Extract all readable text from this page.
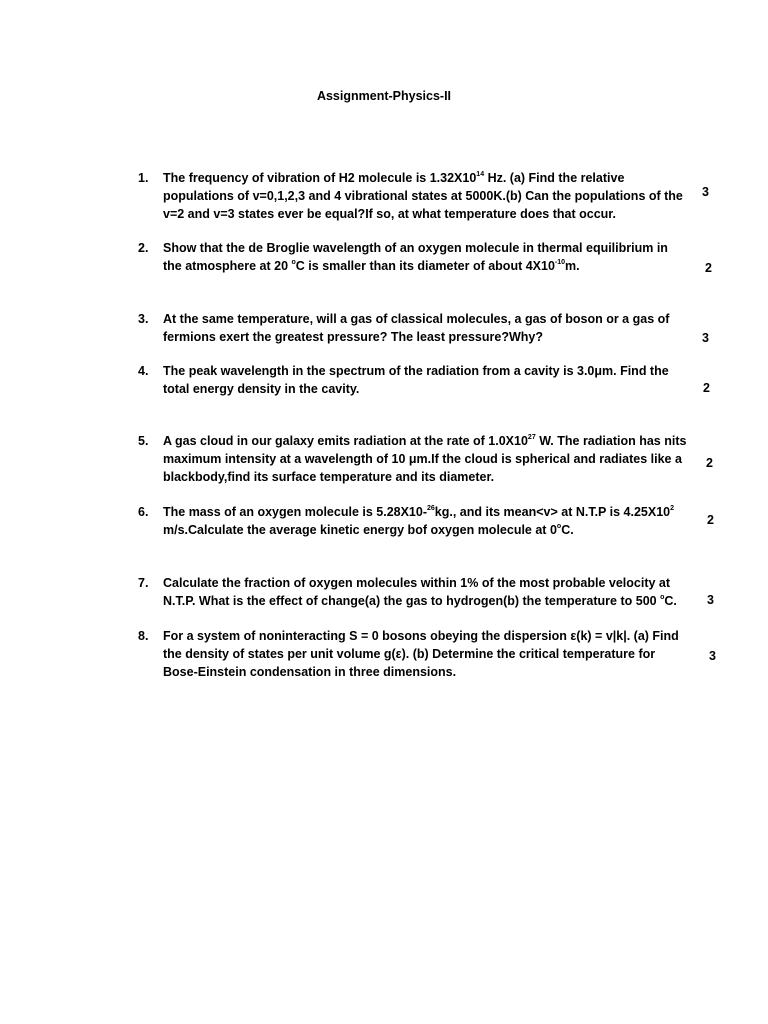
Assignment-Physics-II
1. The frequency of vibration of H2 molecule is $1.32X10^{14}$ Hz. (a) Find the relative
populations of v=0,1,2,3 and 4 vibrational states at 5000K.(b) Can the populations of the
v=2 and v=3 states ever be equal?If so, at what temperature does that occur.
3
2. Show that the de Broglie wavelength of an oxygen molecule in thermal equilibrium in
the atmosphere at 20 $^o$C is smaller than its diameter of about $4X10^{-10}m$.	2
3. At the same temperature, will a gas of classical molecules, a gas of boson or a gas of
fermions exert the greatest pressure? The least pressure?Why?	3
4. The peak wavelength in the spectrum of the radiation from a cavity is 3.0μm. Find the
total energy density in the cavity.	2
5. A gas cloud in our galaxy emits radiation at the rate of $1.0X10^{27}$ W. The radiation has nits
maximum intensity at a wavelength of 10 μm.If the cloud is spherical and radiates like a
blackbody,find its surface temperature and its diameter.
2
6. The mass of an oxygen molecule is 5.28X10-$^{26}$kg., and its mean<v> at N.T.P is $4.25X10^2$
m/s.Calculate the average kinetic energy bof oxygen molecule at 0$^o$C.
2
7. Calculate the fraction of oxygen molecules within 1% of the most probable velocity at
N.T.P. What is the effect of change(a) the gas to hydrogen(b) the temperature to 500 $^o$C.	3
8. For a system of noninteracting S = 0 bosons obeying the dispersion ε(k) = v|k|. (a) Find
the density of states per unit volume g(ε). (b) Determine the critical temperature for
Bose-Einstein condensation in three dimensions.
3
